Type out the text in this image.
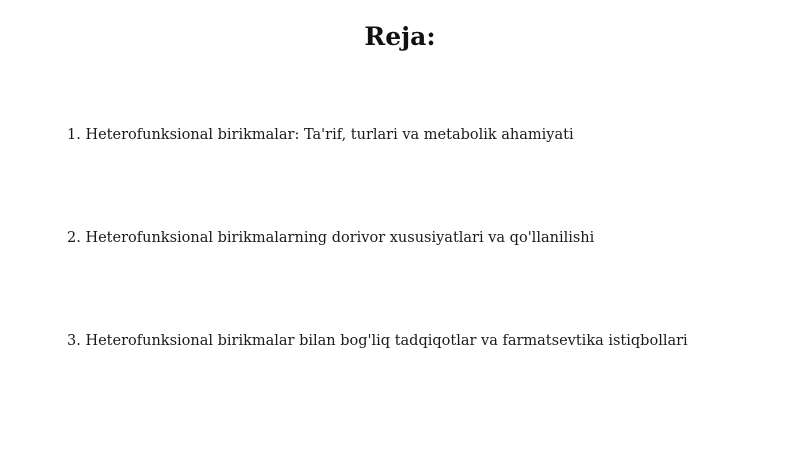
Reja:
1. Heterofunksional birikmalar: Ta'rif, turlari va metabolik ahamiyati
2. Heterofunksional birikmalarning dorivor xususiyatlari va qo'llanilishi
3. Heterofunksional birikmalar bilan bog'liq tadqiqotlar va farmatsevtika istiqbollari
